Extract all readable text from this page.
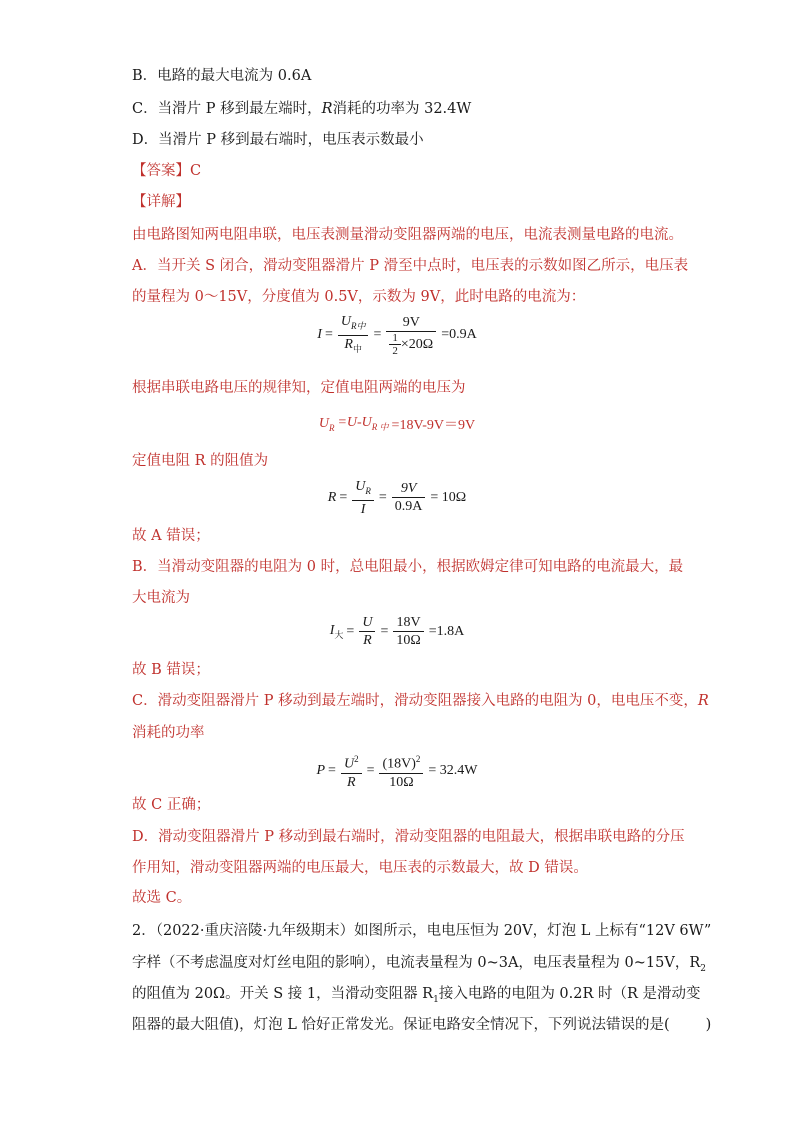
B．电路的最大电流为 0.6A
C．当滑片 P 移到最左端时，R消耗的功率为 32.4W
D．当滑片 P 移到最右端时，电压表示数最小
【答案】C
【详解】
由电路图知两电阻串联，电压表测量滑动变阻器两端的电压，电流表测量电路的电流。
A．当开关 S 闭合，滑动变阻器滑片 P 滑至中点时，电压表的示数如图乙所示，电压表
的量程为 0～15V，分度值为 0.5V，示数为 9V，此时电路的电流为：
$I = \frac{U_{R中}}{R_中} = \frac{9V}{\frac{1}{2} \times 20\Omega} =0.9A$
根据串联电路电压的规律知，定值电阻两端的电压为
$U_R =U-U_{R 中} =18V-9V=9V$
定值电阻 R 的阻值为
$R = \frac{U_R}{I} = \frac{9V}{0.9A} = 10\Omega$
故 A 错误；
B．当滑动变阻器的电阻为 0 时，总电阻最小，根据欧姆定律可知电路的电流最大，最
大电流为
$I_大 = \frac{U}{R} = \frac{18V}{10\Omega} =1.8A$
故 B 错误；
C．滑动变阻器滑片 P 移动到最左端时，滑动变阻器接入电路的电阻为 0，电电压不变，R
消耗的功率
$P = \frac{U^2}{R} = \frac{(18V)^2}{10\Omega} = 32.4W$
故 C 正确；
D．滑动变阻器滑片 P 移动到最右端时，滑动变阻器的电阻最大，根据串联电路的分压
作用知，滑动变阻器两端的电压最大，电压表的示数最大，故 D 错误。
故选 C。
2．（2022·重庆涪陵·九年级期末）如图所示，电电压恒为 20V，灯泡 L 上标有“12V 6W”
字样（不考虑温度对灯丝电阻的影响），电流表量程为 0~3A，电压表量程为 0~15V，$R_2$
的阻值为 20Ω。开关 S 接 1，当滑动变阻器 $R_1$接入电路的电阻为 0.2R 时（R 是滑动变
阻器的最大阻值)，灯泡 L 恰好正常发光。保证电路安全情况下，下列说法错误的是( )
